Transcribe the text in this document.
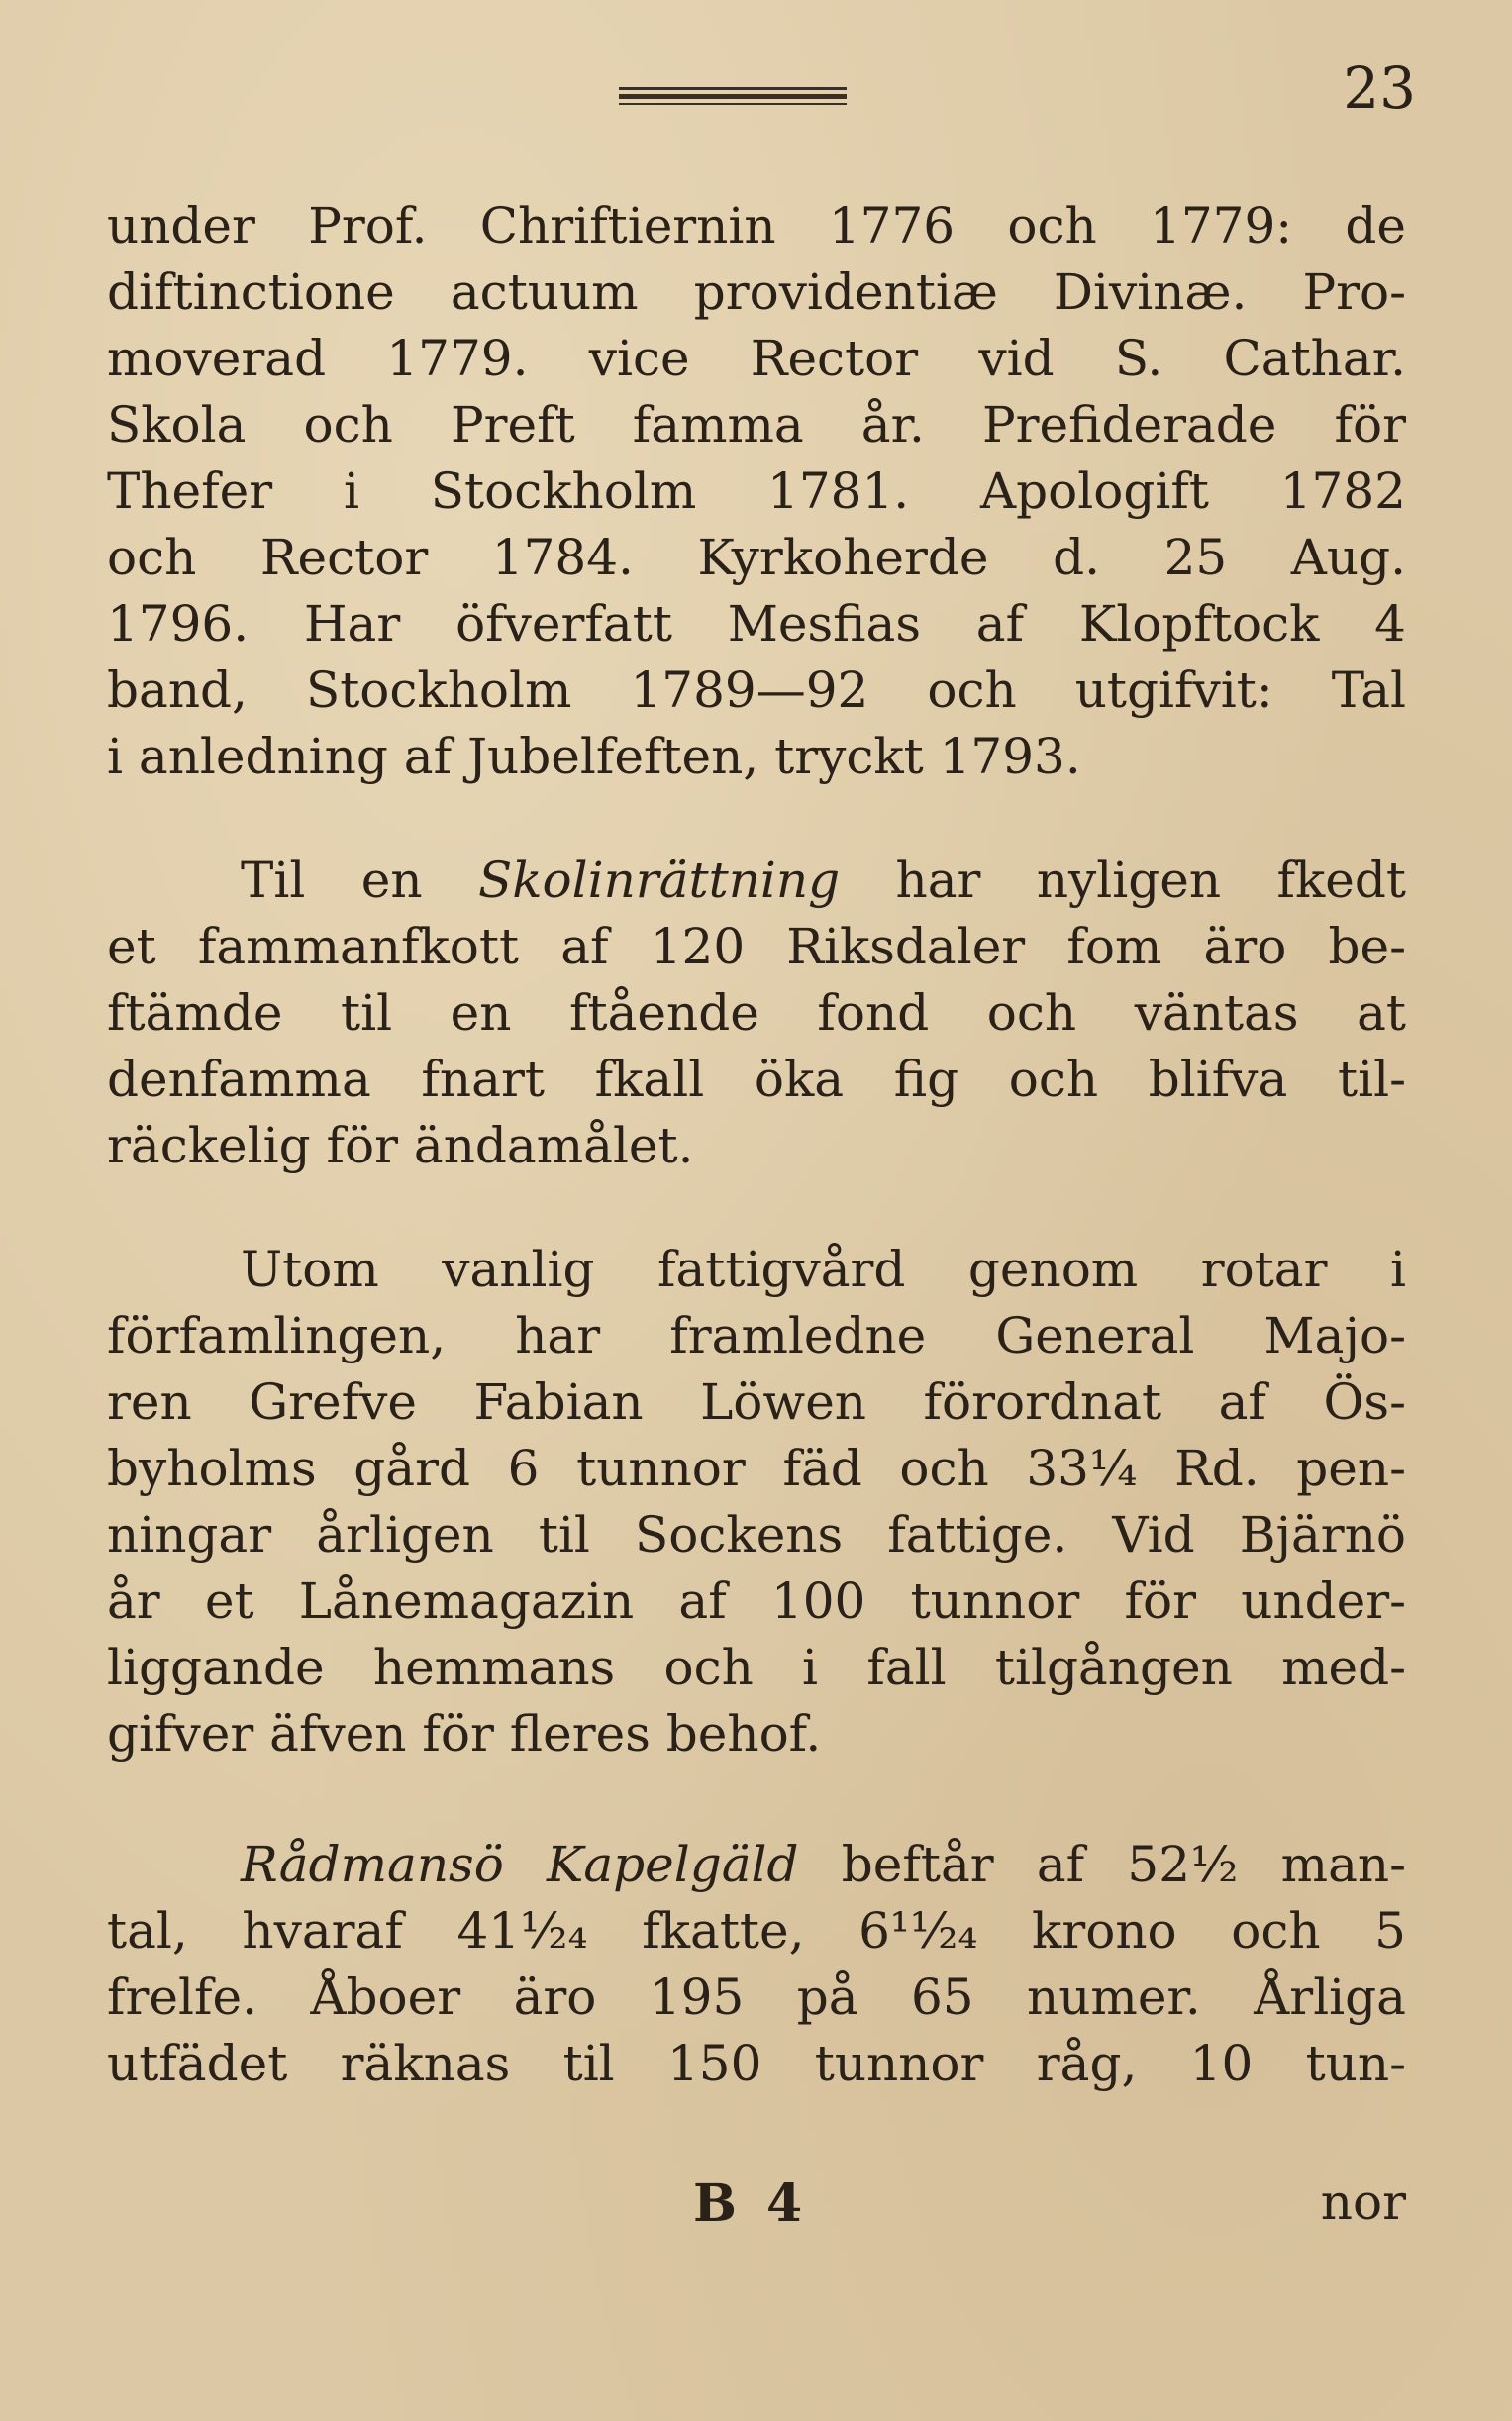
23
under Prof. Chriftiernin 1776 och 1779: de
diftinctione actuum providentiæ Divinæ. Pro-
moverad 1779. vice Rector vid S. Cathar.
Skola och Preft famma år. Prefiderade för
Thefer i Stockholm 1781. Apologift 1782
och Rector 1784. Kyrkoherde d. 25 Aug.
1796. Har öfverfatt Mesfias af Klopftock 4
band, Stockholm 1789—92 och utgifvit: Tal
i anledning af Jubelfeften, tryckt 1793.
Til en Skolinrättning har nyligen fkedt
et fammanfkott af 120 Riksdaler fom äro be-
ftämde til en ftående fond och väntas at
denfamma fnart fkall öka fig och blifva til-
räckelig för ändamålet.
Utom vanlig fattigvård genom rotar i
förfamlingen, har framledne General Majo-
ren Grefve Fabian Löwen förordnat af Ös-
byholms gård 6 tunnor fäd och 33¼ Rd. pen-
ningar årligen til Sockens fattige. Vid Bjärnö
år et Lånemagazin af 100 tunnor för under-
liggande hemmans och i fall tilgången med-
gifver äfven för fleres behof.
Rådmansö Kapelgäld beftår af 52½ man-
tal, hvaraf 41¹⁄₂₄ fkatte, 6¹¹⁄₂₄ krono och 5
frelfe. Åboer äro 195 på 65 numer. Årliga
utfädet räknas til 150 tunnor råg, 10 tun-
B 4	nor
